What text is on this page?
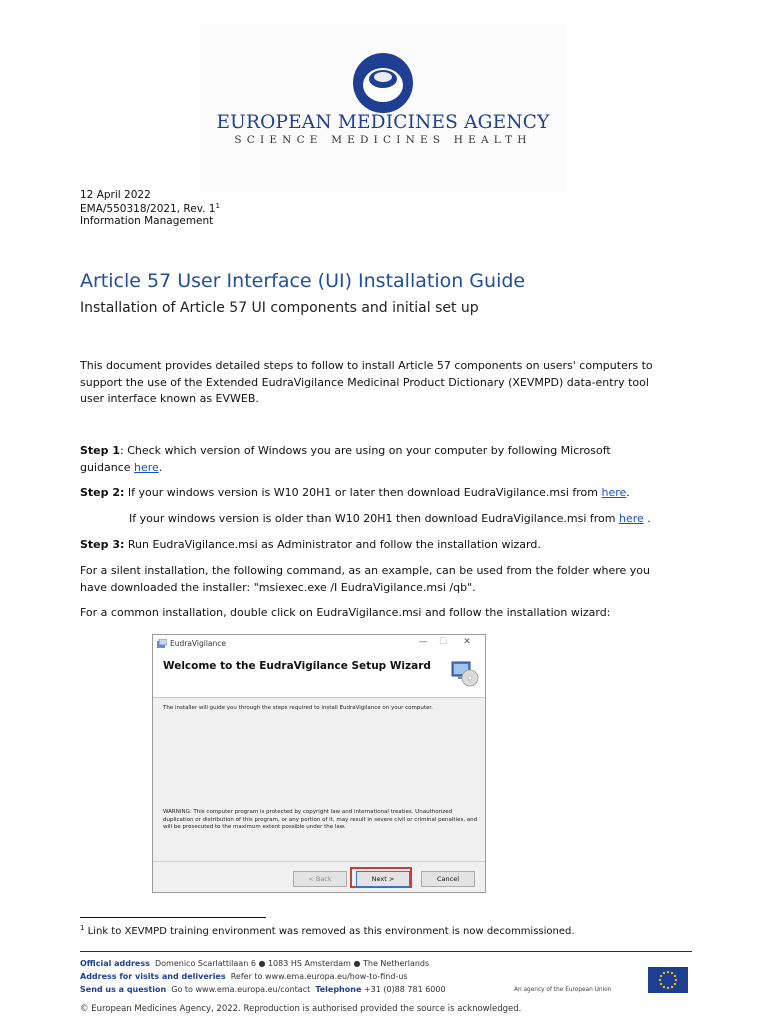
EUROPEAN MEDICINES AGENCY
SCIENCE MEDICINES HEALTH
12 April 2022
EMA/550318/2021, Rev. $1^1$
Information Management
Article 57 User Interface (UI) Installation Guide
Installation of Article 57 UI components and initial set up
This document provides detailed steps to follow to install Article 57 components on users' computers to
support the use of the Extended EudraVigilance Medicinal Product Dictionary (XEVMPD) data-entry tool
user interface known as EVWEB.
Step 1: Check which version of Windows you are using on your computer by following Microsoft
guidance here.
Step 2: If your windows version is W10 20H1 or later then download EudraVigilance.msi from here.
If your windows version is older than W10 20H1 then download EudraVigilance.msi from here .
Step 3: Run EudraVigilance.msi as Administrator and follow the installation wizard.
For a silent installation, the following command, as an example, can be used from the folder where you
have downloaded the installer: "msiexec.exe /I EudraVigilance.msi /qb".
For a common installation, double click on EudraVigilance.msi and follow the installation wizard:
EudraVigilance	—	☐	✕
Welcome to the EudraVigilance Setup Wizard
The installer will guide you through the steps required to install EudraVigilance on your computer.
WARNING: This computer program is protected by copyright law and international treaties. Unauthorized duplication or distribution of this program, or any portion of it, may result in severe civil or criminal penalties, and will be prosecuted to the maximum extent possible under the law.
< Back	Next >	Cancel
$^1$ Link to XEVMPD training environment was removed as this environment is now decommissioned.
Official address Domenico Scarlattilaan 6 ● 1083 HS Amsterdam ● The Netherlands
Address for visits and deliveries Refer to www.ema.europa.eu/how-to-find-us
Send us a question Go to www.ema.europa.eu/contact Telephone +31 (0)88 781 6000	An agency of the European Union
© European Medicines Agency, 2022. Reproduction is authorised provided the source is acknowledged.
